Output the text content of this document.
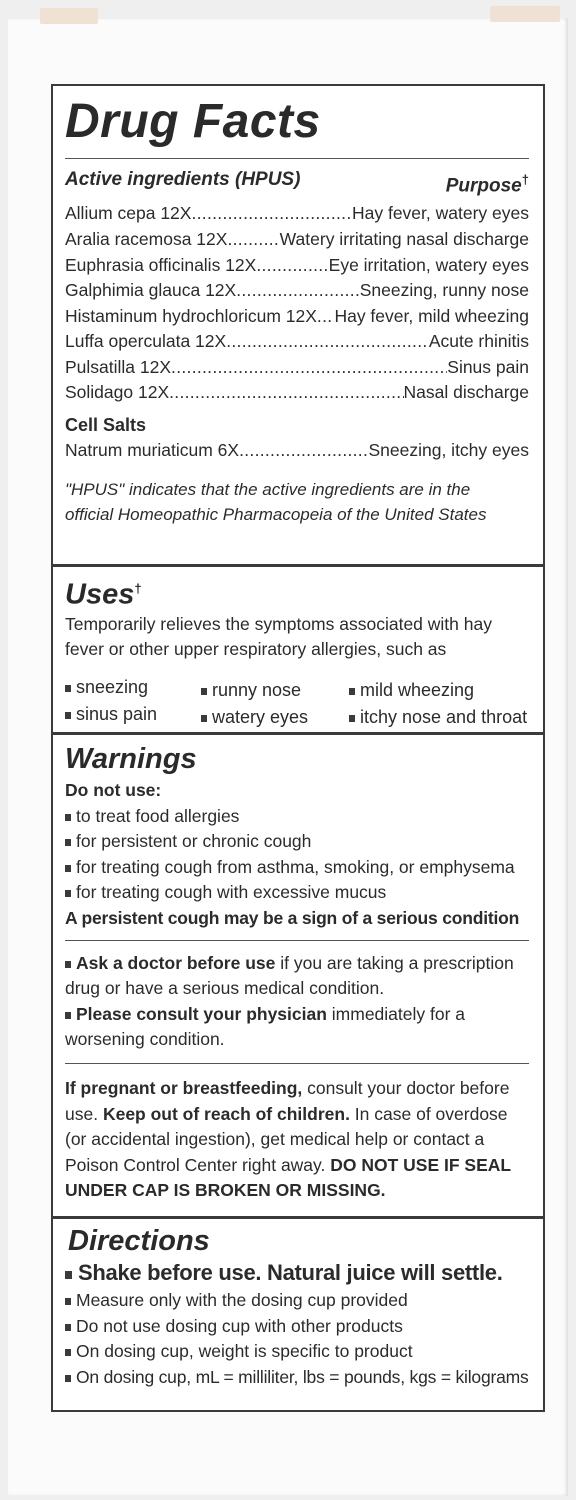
Drug Facts
Active ingredients (HPUS)	Purpose†
Allium cepa 12X .....	Hay fever, watery eyes
Aralia racemosa 12X .....	Watery irritating nasal discharge
Euphrasia officinalis 12X .....	Eye irritation, watery eyes
Galphimia glauca 12X .....	Sneezing, runny nose
Histaminum hydrochloricum 12X ..... Hay fever, mild wheezing
Luffa operculata 12X .....	Acute rhinitis
Pulsatilla 12X .....	Sinus pain
Solidago 12X .....	Nasal discharge
Cell Salts
Natrum muriaticum 6X .....	Sneezing, itchy eyes
"HPUS" indicates that the active ingredients are in the
official Homeopathic Pharmacopeia of the United States
Uses†
Temporarily relieves the symptoms associated with hay
fever or other upper respiratory allergies, such as
sneezing	runny nose	mild wheezing
sinus pain	watery eyes	itchy nose and throat
Warnings
Do not use:
to treat food allergies
for persistent or chronic cough
for treating cough from asthma, smoking, or emphysema
for treating cough with excessive mucus
A persistent cough may be a sign of a serious condition
Ask a doctor before use if you are taking a prescription
drug or have a serious medical condition.
Please consult your physician immediately for a
worsening condition.
If pregnant or breastfeeding, consult your doctor before
use. Keep out of reach of children. In case of overdose
(or accidental ingestion), get medical help or contact a
Poison Control Center right away. DO NOT USE IF SEAL
UNDER CAP IS BROKEN OR MISSING.
Directions
Shake before use. Natural juice will settle.
Measure only with the dosing cup provided
Do not use dosing cup with other products
On dosing cup, weight is specific to product
On dosing cup, mL = milliliter, lbs = pounds, kgs = kilograms
